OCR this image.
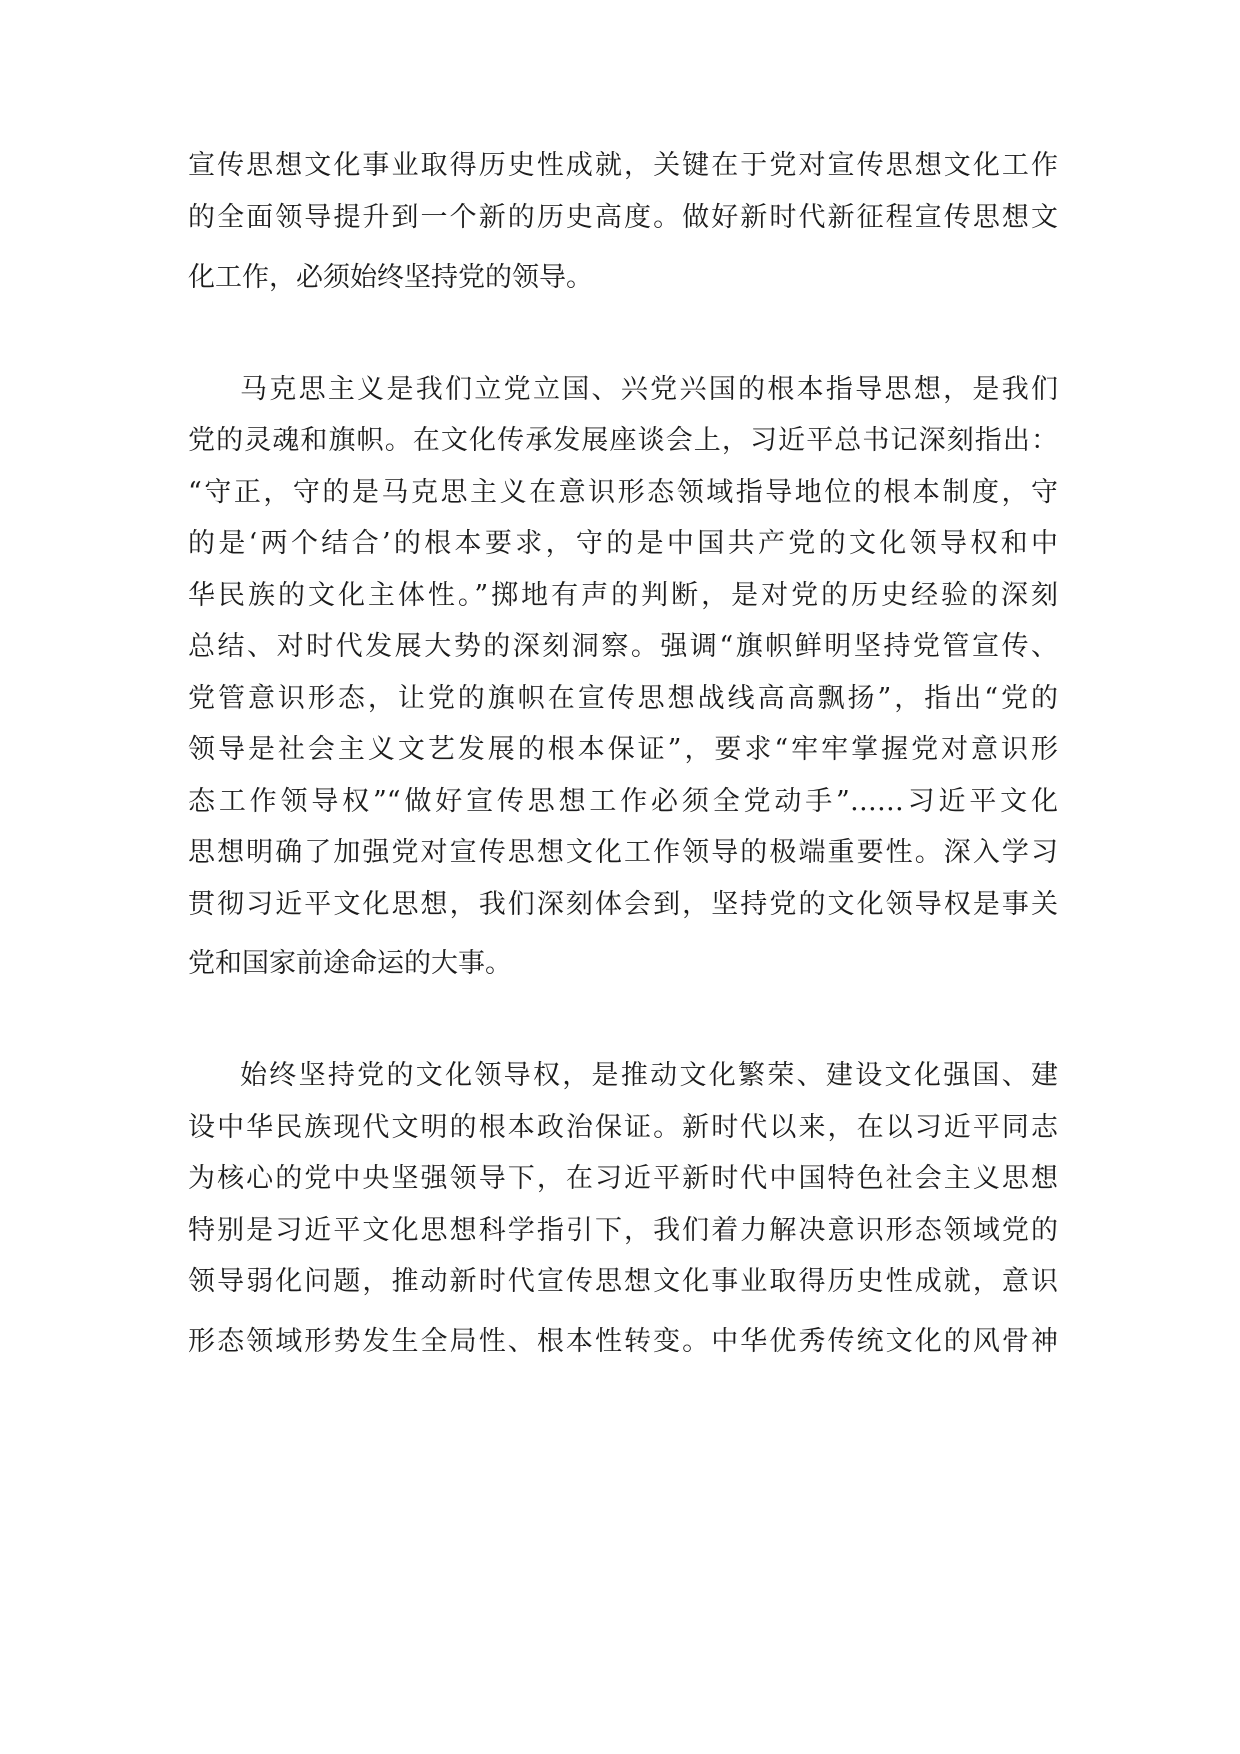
宣传思想文化事业取得历史性成就，关键在于党对宣传思想文化工作
的全面领导提升到一个新的历史高度。做好新时代新征程宣传思想文
化工作，必须始终坚持党的领导。
马克思主义是我们立党立国、兴党兴国的根本指导思想，是我们
党的灵魂和旗帜。在文化传承发展座谈会上，习近平总书记深刻指出：
“守正，守的是马克思主义在意识形态领域指导地位的根本制度，守
的是‘两个结合’的根本要求，守的是中国共产党的文化领导权和中
华民族的文化主体性。”掷地有声的判断，是对党的历史经验的深刻
总结、对时代发展大势的深刻洞察。强调“旗帜鲜明坚持党管宣传、
党管意识形态，让党的旗帜在宣传思想战线高高飘扬”，指出“党的
领导是社会主义文艺发展的根本保证”，要求“牢牢掌握党对意识形
态工作领导权”“做好宣传思想工作必须全党动手”……习近平文化
思想明确了加强党对宣传思想文化工作领导的极端重要性。深入学习
贯彻习近平文化思想，我们深刻体会到，坚持党的文化领导权是事关
党和国家前途命运的大事。
始终坚持党的文化领导权，是推动文化繁荣、建设文化强国、建
设中华民族现代文明的根本政治保证。新时代以来，在以习近平同志
为核心的党中央坚强领导下，在习近平新时代中国特色社会主义思想
特别是习近平文化思想科学指引下，我们着力解决意识形态领域党的
领导弱化问题，推动新时代宣传思想文化事业取得历史性成就，意识
形态领域形势发生全局性、根本性转变。中华优秀传统文化的风骨神
